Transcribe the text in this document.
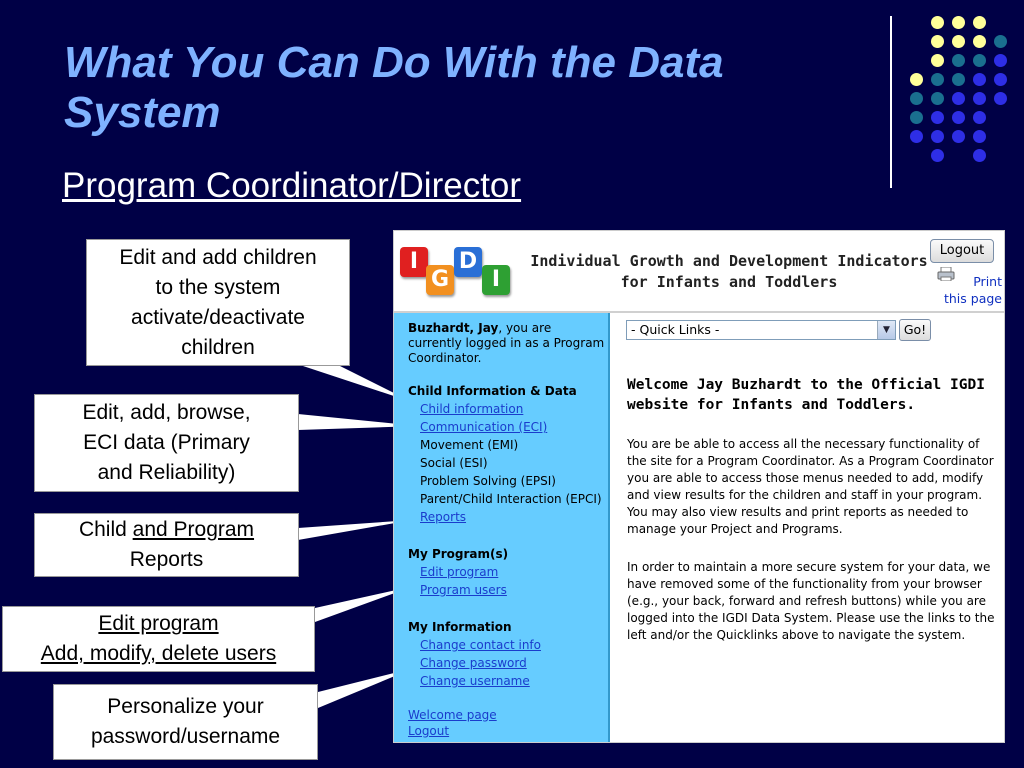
What You Can Do With the Data System
Program Coordinator/Director
Edit and add children
to the system
activate/deactivate
children
Edit, add, browse,
ECI data (Primary
and Reliability)
Child and Program
Reports
Edit program
Add, modify, delete users
Personalize your
password/username
I
G
D
I
Individual Growth and Development Indicators
for Infants and Toddlers
Logout
Print
this page
Buzhardt, Jay, you are currently logged in as a Program Coordinator.
Child Information & Data
Child information
Communication (ECI)
Movement (EMI)
Social (ESI)
Problem Solving (EPSI)
Parent/Child Interaction (EPCI)
Reports
My Program(s)
Edit program
Program users
My Information
Change contact info
Change password
Change username
Welcome page
Logout
- Quick Links -	▼	Go!
Welcome Jay Buzhardt to the Official IGDI website for Infants and Toddlers.
You are be able to access all the necessary functionality of the site for a Program Coordinator. As a Program Coordinator you are able to access those menus needed to add, modify and view results for the children and staff in your program. You may also view results and print reports as needed to manage your Project and Programs.
In order to maintain a more secure system for your data, we have removed some of the functionality from your browser (e.g., your back, forward and refresh buttons) while you are logged into the IGDI Data System. Please use the links to the left and/or the Quicklinks above to navigate the system.
